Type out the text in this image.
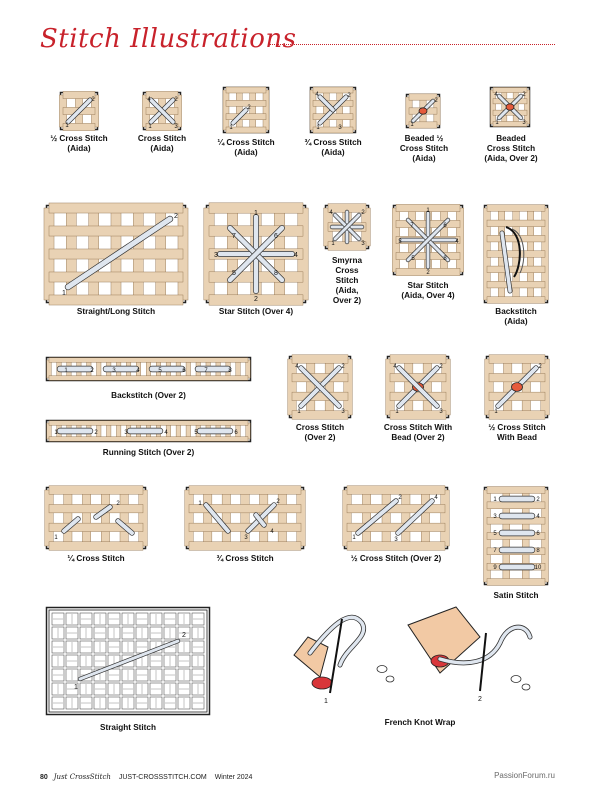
Stitch Illustrations
1
2
½ Cross Stitch
(Aida)
1
2
3
4
Cross Stitch
(Aida)
1
2
¼ Cross Stitch
(Aida)
1
2
3
4
¾ Cross Stitch
(Aida)
1
2
Beaded ½
Cross Stitch
(Aida)
1
2
3
4
Beaded
Cross Stitch
(Aida, Over 2)
1
2
Straight/Long Stitch
1
2
3	4
5
6
7
8
Star Stitch (Over 4)
1
2
3
4
Smyrna
Cross
Stitch
(Aida,
Over 2)
1
2
3	4
5
6
7
8
Star Stitch
(Aida, Over 4)
Backstitch
(Aida)
1	2	3	4	5	6	7	8
Backstitch (Over 2)
1	2	3	4	5	6
Running Stitch (Over 2)
1
2
3
4
Cross Stitch
(Over 2)
1
2
3
4
Cross Stitch With
Bead (Over 2)
1
2
½ Cross Stitch
With Bead
1
2
¼ Cross Stitch
1	2
3
4
¾ Cross Stitch
1
2
3
4
½ Cross Stitch (Over 2)
1	2
3	4
5	6
7	8
9	10
Satin Stitch
1
2
Straight Stitch
1	2
French Knot Wrap
80 Just CrossStitch JUST-CROSSSTITCH.COM Winter 2024	PassionForum.ru
